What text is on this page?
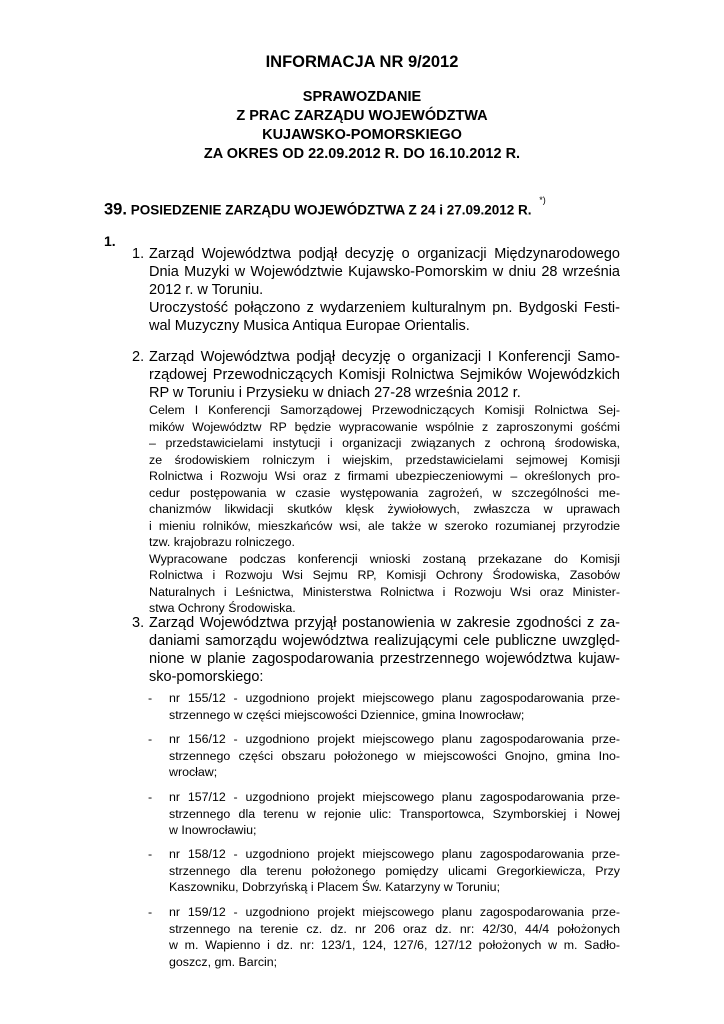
INFORMACJA NR 9/2012
SPRAWOZDANIE
Z PRAC ZARZĄDU WOJEWÓDZTWA
KUJAWSKO-POMORSKIEGO
ZA OKRES OD 22.09.2012 R. DO 16.10.2012 R.
39. POSIEDZENIE ZARZĄDU WOJEWÓDZTWA Z 24 i 27.09.2012 R. *)
1.
1. Zarząd Województwa podjął decyzję o organizacji Międzynarodowego
Dnia Muzyki w Województwie Kujawsko-Pomorskim w dniu 28 września
2012 r. w Toruniu.
Uroczystość połączono z wydarzeniem kulturalnym pn. Bydgoski Festi-
wal Muzyczny Musica Antiqua Europae Orientalis.
2. Zarząd Województwa podjął decyzję o organizacji I Konferencji Samo-
rządowej Przewodniczących Komisji Rolnictwa Sejmików Wojewódzkich
RP w Toruniu i Przysieku w dniach 27-28 września 2012 r.
Celem I Konferencji Samorządowej Przewodniczących Komisji Rolnictwa Sej-
mików Województw RP będzie wypracowanie wspólnie z zaproszonymi gośćmi
– przedstawicielami instytucji i organizacji związanych z ochroną środowiska,
ze środowiskiem rolniczym i wiejskim, przedstawicielami sejmowej Komisji
Rolnictwa i Rozwoju Wsi oraz z firmami ubezpieczeniowymi – określonych pro-
cedur postępowania w czasie występowania zagrożeń, w szczególności me-
chanizmów likwidacji skutków klęsk żywiołowych, zwłaszcza w uprawach
i mieniu rolników, mieszkańców wsi, ale także w szeroko rozumianej przyrodzie
tzw. krajobrazu rolniczego.
Wypracowane podczas konferencji wnioski zostaną przekazane do Komisji
Rolnictwa i Rozwoju Wsi Sejmu RP, Komisji Ochrony Środowiska, Zasobów
Naturalnych i Leśnictwa, Ministerstwa Rolnictwa i Rozwoju Wsi oraz Minister-
stwa Ochrony Środowiska.
3. Zarząd Województwa przyjął postanowienia w zakresie zgodności z za-
daniami samorządu województwa realizującymi cele publiczne uwzględ-
nione w planie zagospodarowania przestrzennego województwa kujaw-
sko-pomorskiego:
- nr 155/12 - uzgodniono projekt miejscowego planu zagospodarowania prze-
strzennego w części miejscowości Dziennice, gmina Inowrocław;
- nr 156/12 - uzgodniono projekt miejscowego planu zagospodarowania prze-
strzennego części obszaru położonego w miejscowości Gnojno, gmina Ino-
wrocław;
- nr 157/12 - uzgodniono projekt miejscowego planu zagospodarowania prze-
strzennego dla terenu w rejonie ulic: Transportowca, Szymborskiej i Nowej
w Inowrocławiu;
- nr 158/12 - uzgodniono projekt miejscowego planu zagospodarowania prze-
strzennego dla terenu położonego pomiędzy ulicami Gregorkiewicza, Przy
Kaszowniku, Dobrzyńską i Placem Św. Katarzyny w Toruniu;
- nr 159/12 - uzgodniono projekt miejscowego planu zagospodarowania prze-
strzennego na terenie cz. dz. nr 206 oraz dz. nr: 42/30, 44/4 położonych
w m. Wapienno i dz. nr: 123/1, 124, 127/6, 127/12 położonych w m. Sadło-
goszcz, gm. Barcin;
